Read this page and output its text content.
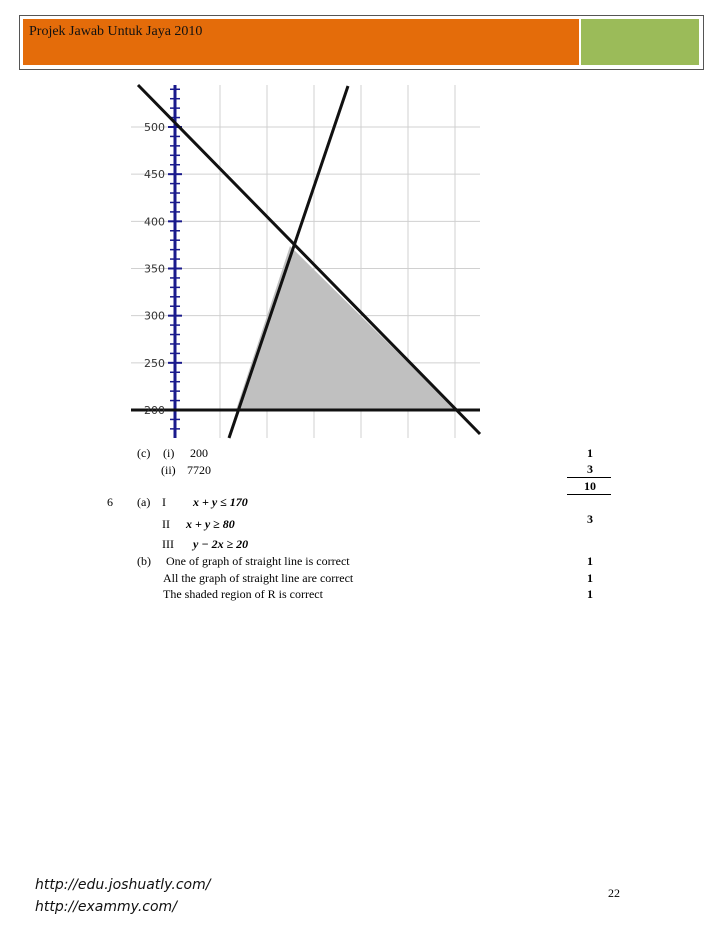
Projek Jawab Untuk Jaya 2010
500
450
400
350
300
250
200
(c) (i) 200
(ii) 7720
1
3
10
6 (a) I x + y ≤ 170
II x + y ≥ 80
III y − 2x ≥ 20
3
(b) One of graph of straight line is correct
All the graph of straight line are correct
The shaded region of R is correct
1
1
1
http://edu.joshuatly.com/
http://exammy.com/
22
